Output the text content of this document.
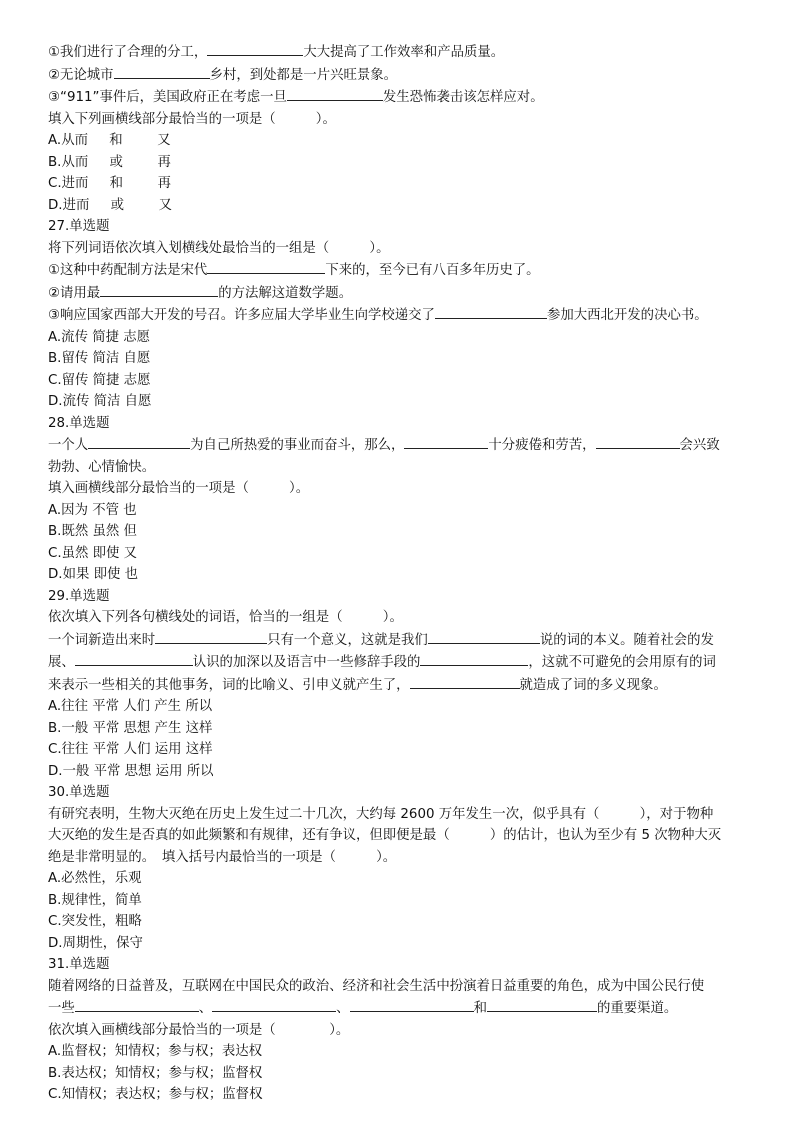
①我们进行了合理的分工，	大大提高了工作效率和产品质量。
②无论城市	乡村，到处都是一片兴旺景象。
③“911”事件后，美国政府正在考虑一旦	发生恐怖袭击该怎样应对。
填入下列画横线部分最恰当的一项是（　　　）。
A.从而 和	又
B.从而 或	再
C.进而 和	再
D.进而 或	又
27.单选题
将下列词语依次填入划横线处最恰当的一组是（　　　）。
①这种中药配制方法是宋代	下来的，至今已有八百多年历史了。
②请用最	的方法解这道数学题。
③响应国家西部大开发的号召。许多应届大学毕业生向学校递交了	参加大西北开发的决心书。
A.流传 简捷 志愿
B.留传 简洁 自愿
C.留传 简捷 志愿
D.流传 简洁 自愿
28.单选题
一个人	为自己所热爱的事业而奋斗，那么，	十分疲倦和劳苦，	会兴致
勃勃、心情愉快。
填入画横线部分最恰当的一项是（　　　）。
A.因为 不管 也
B.既然 虽然 但
C.虽然 即使 又
D.如果 即使 也
29.单选题
依次填入下列各句横线处的词语，恰当的一组是（　　　）。
一个词新造出来时	只有一个意义，这就是我们	说的词的本义。随着社会的发
展、	认识的加深以及语言中一些修辞手段的	，这就不可避免的会用原有的词
来表示一些相关的其他事务，词的比喻义、引申义就产生了，	就造成了词的多义现象。
A.往往 平常 人们 产生 所以
B.一般 平常 思想 产生 这样
C.往往 平常 人们 运用 这样
D.一般 平常 思想 运用 所以
30.单选题
有研究表明，生物大灭绝在历史上发生过二十几次，大约每 2600 万年发生一次，似乎具有（　　　），对于物种
大灭绝的发生是否真的如此频繁和有规律，还有争议，但即便是最（　　　）的估计，也认为至少有 5 次物种大灭
绝是非常明显的。　填入括号内最恰当的一项是（　　　）。
A.必然性，乐观
B.规律性，简单
C.突发性，粗略
D.周期性，保守
31.单选题
随着网络的日益普及，互联网在中国民众的政治、经济和社会生活中扮演着日益重要的角色，成为中国公民行使
一些	、	、	和	的重要渠道。
依次填入画横线部分最恰当的一项是（　　　　）。
A.监督权；知情权；参与权；表达权
B.表达权；知情权；参与权；监督权
C.知情权；表达权；参与权；监督权
